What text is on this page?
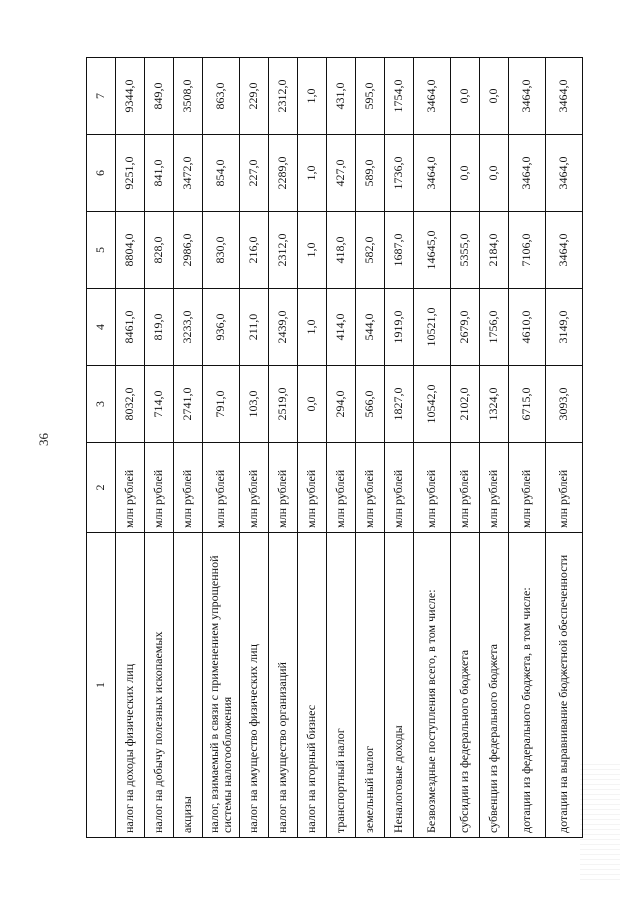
36
1	2	3	4	5	6	7
налог на доходы физических лиц	млн рублей	8032,0	8461,0	8804,0	9251,0	9344,0
налог на добычу полезных ископаемых	млн рублей	714,0	819,0	828,0	841,0	849,0
акцизы	млн рублей	2741,0	3233,0	2986,0	3472,0	3508,0
налог, взимаемый в связи с применением упрощенной системы налогообложения	млн рублей	791,0	936,0	830,0	854,0	863,0
налог на имущество физических лиц	млн рублей	103,0	211,0	216,0	227,0	229,0
налог на имущество организаций	млн рублей	2519,0	2439,0	2312,0	2289,0	2312,0
налог на игорный бизнес	млн рублей	0,0	1,0	1,0	1,0	1,0
транспортный налог	млн рублей	294,0	414,0	418,0	427,0	431,0
земельный налог	млн рублей	566,0	544,0	582,0	589,0	595,0
Неналоговые доходы	млн рублей	1827,0	1919,0	1687,0	1736,0	1754,0
Безвозмездные поступления всего, в том числе:	млн рублей	10542,0	10521,0	14645,0	3464,0	3464,0
субсидии из федерального бюджета	млн рублей	2102,0	2679,0	5355,0	0,0	0,0
субвенции из федерального бюджета	млн рублей	1324,0	1756,0	2184,0	0,0	0,0
дотации из федерального бюджета, в том числе:	млн рублей	6715,0	4610,0	7106,0	3464,0	3464,0
дотации на выравнивание бюджетной обеспеченности	млн рублей	3093,0	3149,0	3464,0	3464,0	3464,0
